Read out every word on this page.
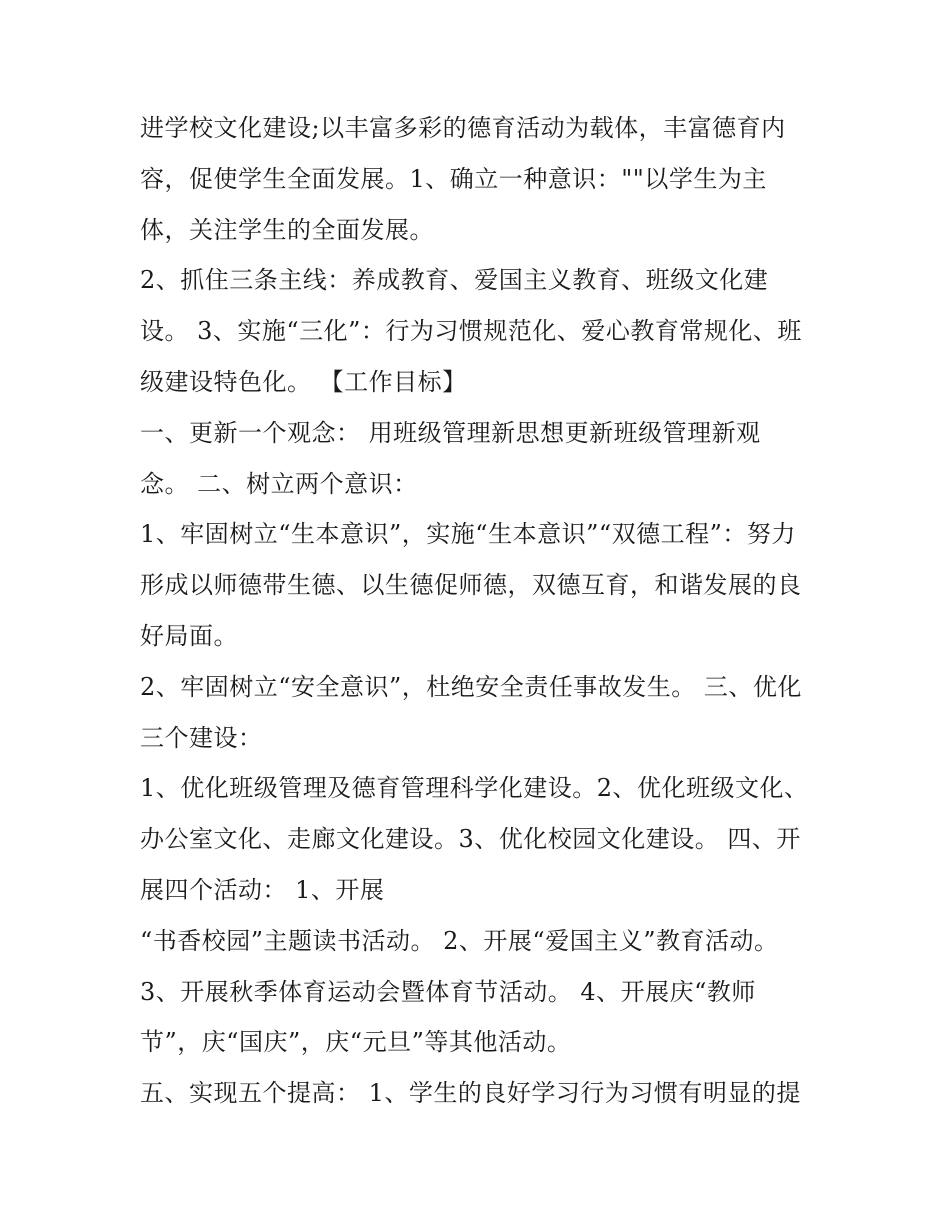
进学校文化建设;以丰富多彩的德育活动为载体，丰富德育内
容，促使学生全面发展。1、确立一种意识：""以学生为主
体，关注学生的全面发展。
2、抓住三条主线：养成教育、爱国主义教育、班级文化建
设。 3、实施“三化”：行为习惯规范化、爱心教育常规化、班
级建设特色化。 【工作目标】
一、更新一个观念： 用班级管理新思想更新班级管理新观
念。 二、树立两个意识：
1、牢固树立“生本意识”，实施“生本意识”“双德工程”：努力
形成以师德带生德、以生德促师德，双德互育，和谐发展的良
好局面。
2、牢固树立“安全意识”，杜绝安全责任事故发生。 三、优化
三个建设：
1、优化班级管理及德育管理科学化建设。2、优化班级文化、
办公室文化、走廊文化建设。3、优化校园文化建设。 四、开
展四个活动： 1、开展
“书香校园”主题读书活动。 2、开展“爱国主义”教育活动。
3、开展秋季体育运动会暨体育节活动。 4、开展庆“教师
节”，庆“国庆”，庆“元旦”等其他活动。
五、实现五个提高： 1、学生的良好学习行为习惯有明显的提
